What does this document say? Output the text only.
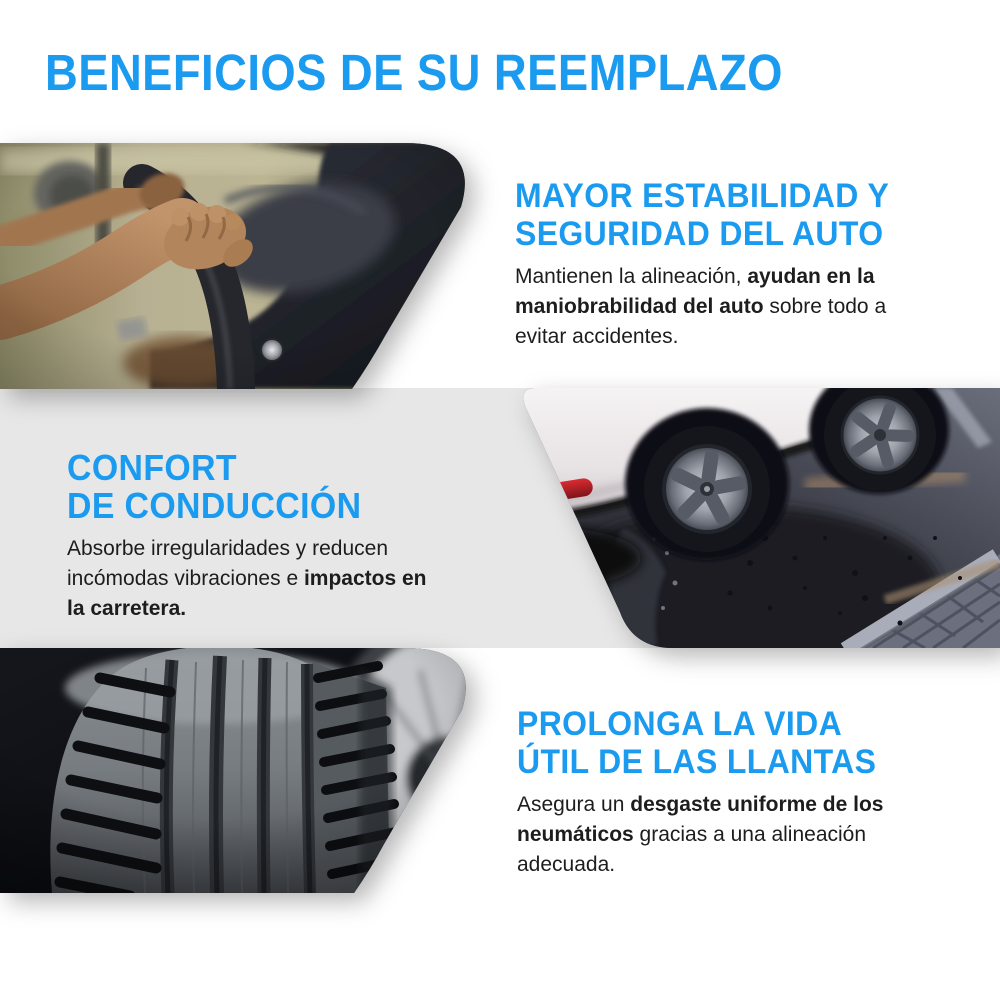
BENEFICIOS DE SU REEMPLAZO
MAYOR ESTABILIDAD Y
SEGURIDAD DEL AUTO

Mantienen la alineación, ayudan en la maniobrabilidad del auto sobre todo a evitar accidentes.

CONFORT
DE CONDUCCIÓN

Absorbe irregularidades y reducen incómodas vibraciones e impactos en la carretera.

PROLONGA LA VIDA
ÚTIL DE LAS LLANTAS

Asegura un desgaste uniforme de los neumáticos gracias a una alineación adecuada.
